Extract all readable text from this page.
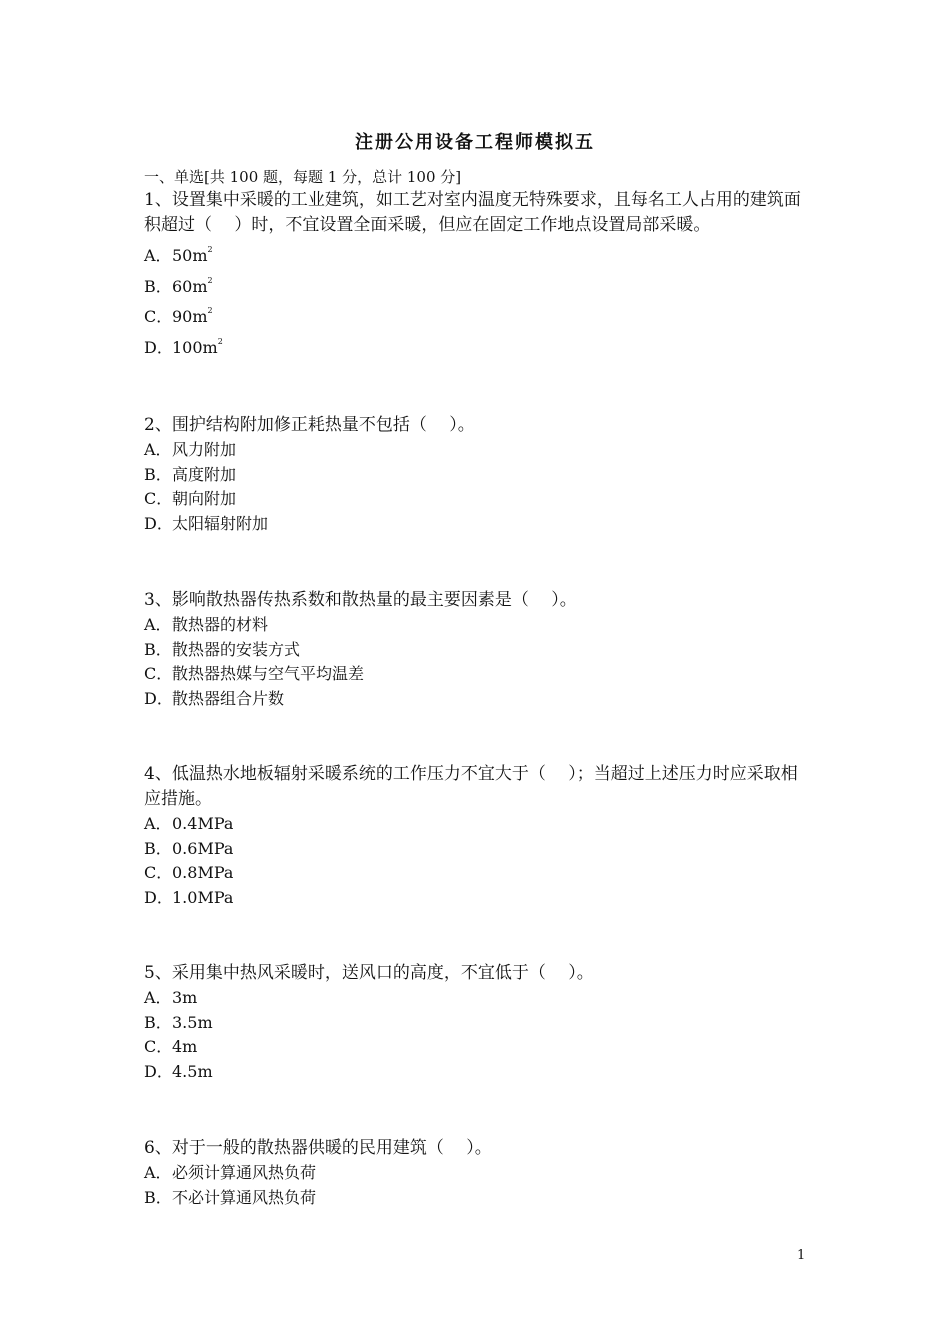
注册公用设备工程师模拟五
一、单选[共 100 题，每题 1 分，总计 100 分]
1、设置集中采暖的工业建筑，如工艺对室内温度无特殊要求，且每名工人占用的建筑面积超过（　 ）时，不宜设置全面采暖，但应在固定工作地点设置局部采暖。
A．$50m^2$
B．$60m^2$
C．$90m^2$
D．$100m^2$
2、围护结构附加修正耗热量不包括（　 ）。
A．风力附加
B．高度附加
C．朝向附加
D．太阳辐射附加
3、影响散热器传热系数和散热量的最主要因素是（　 ）。
A．散热器的材料
B．散热器的安装方式
C．散热器热媒与空气平均温差
D．散热器组合片数
4、低温热水地板辐射采暖系统的工作压力不宜大于（　 ）；当超过上述压力时应采取相应措施。
A．0.4MPa
B．0.6MPa
C．0.8MPa
D．1.0MPa
5、采用集中热风采暖时，送风口的高度，不宜低于（　 ）。
A．3m
B．3.5m
C．4m
D．4.5m
6、对于一般的散热器供暖的民用建筑（　 ）。
A．必须计算通风热负荷
B．不必计算通风热负荷
1
